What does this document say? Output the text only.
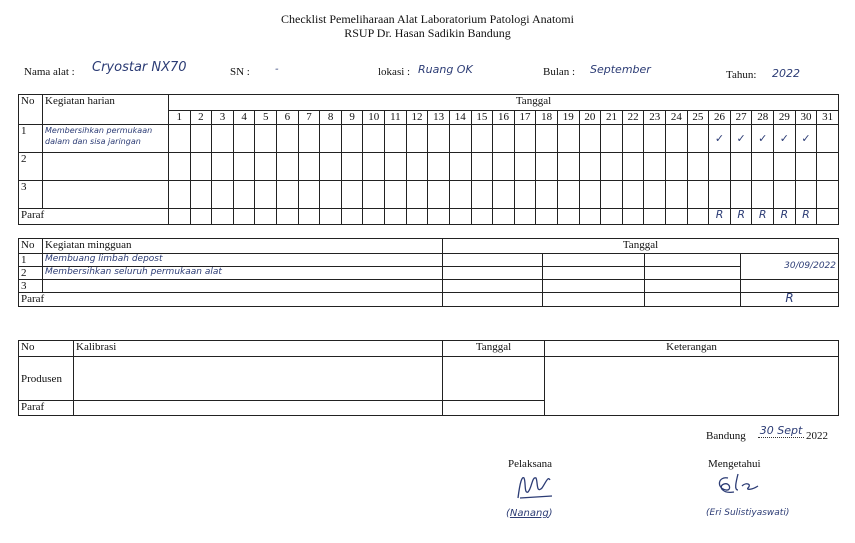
Checklist Pemeliharaan Alat Laboratorium Patologi Anatomi
RSUP Dr. Hasan Sadikin Bandung
Nama alat : Cryostar NX70	SN :	-	lokasi : Ruang OK	Bulan : September	Tahun: 2022
No	Kegiatan harian	Tanggal																														
		1	2	3	4	5	6	7	8	9	10	11	12	13	14	15	16	17	18	19	20	21	22	23	24	25	26	27	28	29	30	31
1	Membersihkan permukaan
dalam dan sisa jaringan																										✓	✓	✓	✓	✓	
2																																
3																																
Paraf																											R	R	R	R	R	
No	Kegiatan mingguan	Tanggal			
1	Membuang limbah depost				30/09/2022
2	Membersihkan seluruh permukaan alat				
3					
Paraf					R
No	Kalibrasi	Tanggal	Keterangan
Produsen			
Paraf			
Bandung 30 Sept 2022
Pelaksana
(Nanang)
Mengetahui
(Eri Sulistiyaswati)
